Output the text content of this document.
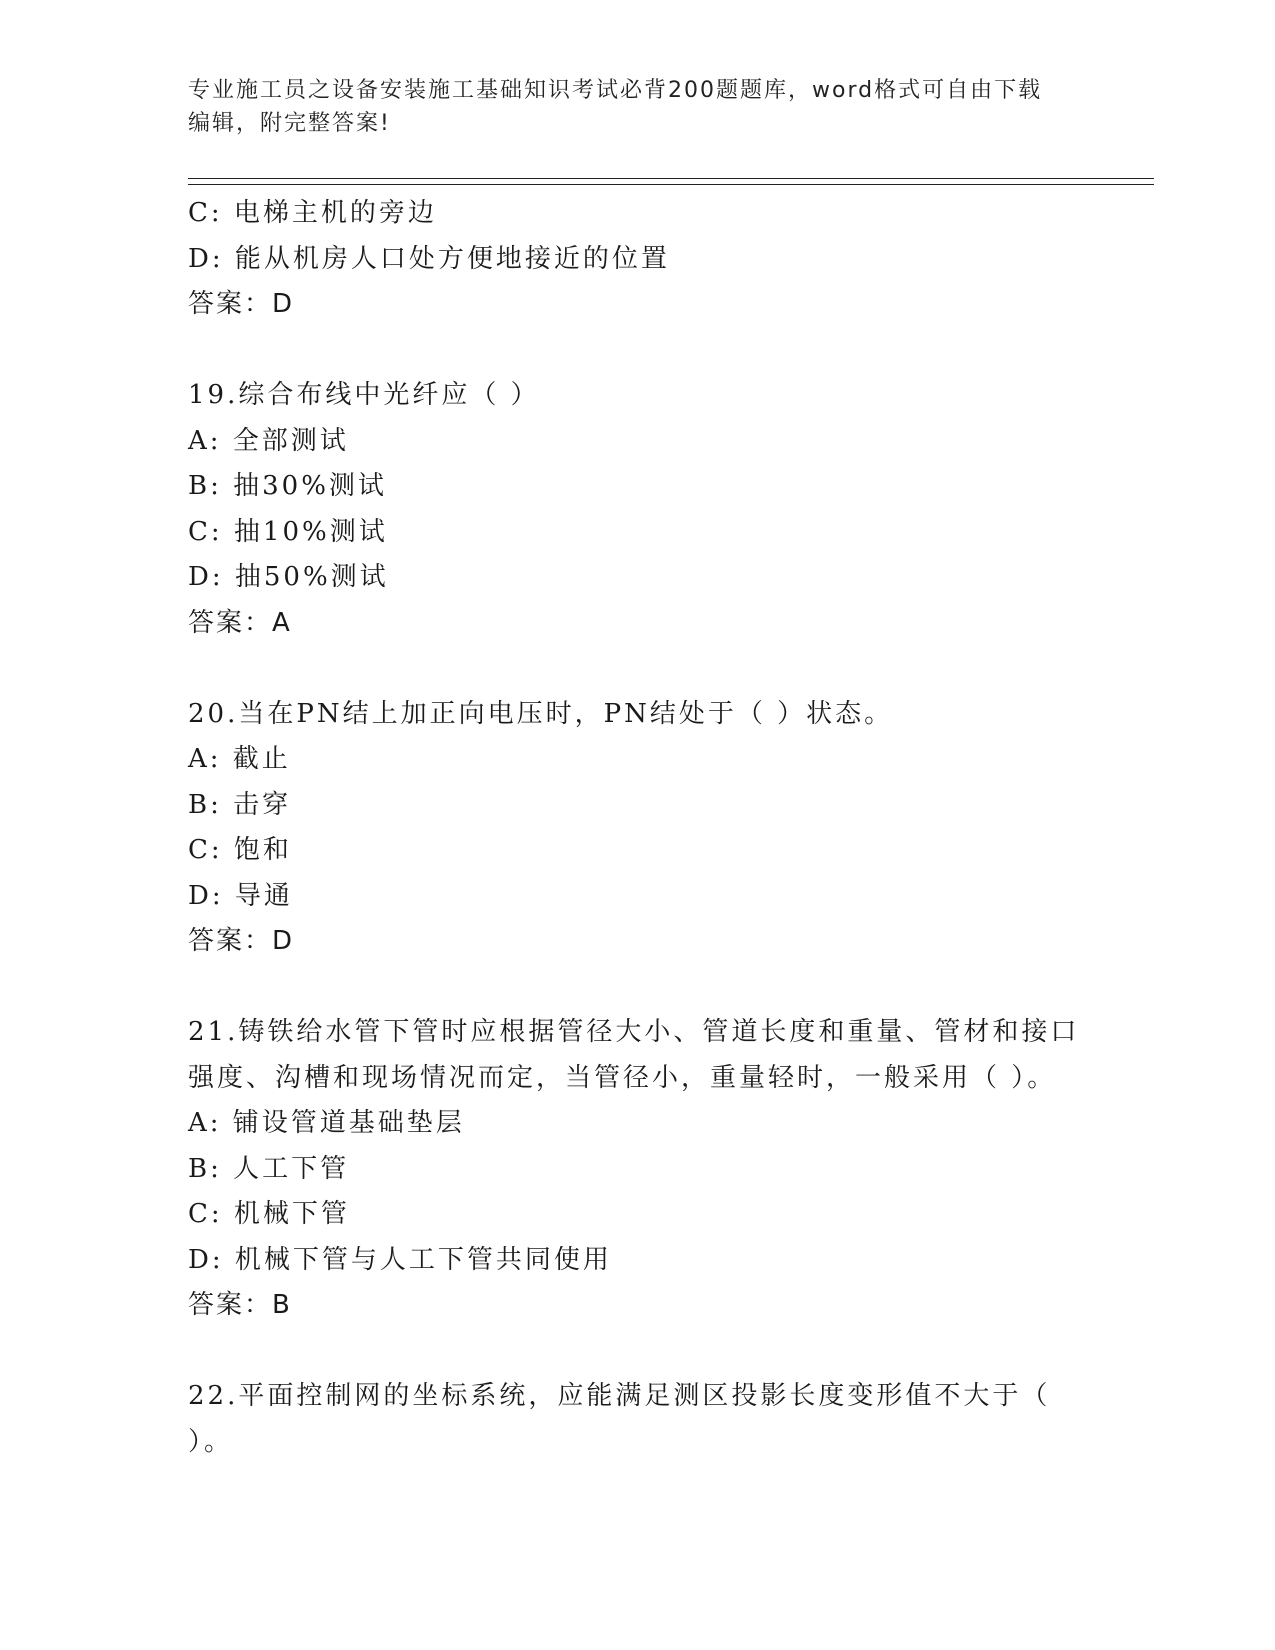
专业施工员之设备安装施工基础知识考试必背200题题库，word格式可自由下载
编辑，附完整答案!
C: 电梯主机的旁边
D: 能从机房人口处方便地接近的位置
答案：D
19.综合布线中光纤应（ ）
A: 全部测试
B: 抽30%测试
C: 抽10%测试
D: 抽50%测试
答案：A
20.当在PN结上加正向电压时，PN结处于（ ）状态。
A: 截止
B: 击穿
C: 饱和
D: 导通
答案：D
21.铸铁给水管下管时应根据管径大小、管道长度和重量、管材和接口
强度、沟槽和现场情况而定，当管径小，重量轻时，一般采用（ ）。
A: 铺设管道基础垫层
B: 人工下管
C: 机械下管
D: 机械下管与人工下管共同使用
答案：B
22.平面控制网的坐标系统，应能满足测区投影长度变形值不大于（
）。
